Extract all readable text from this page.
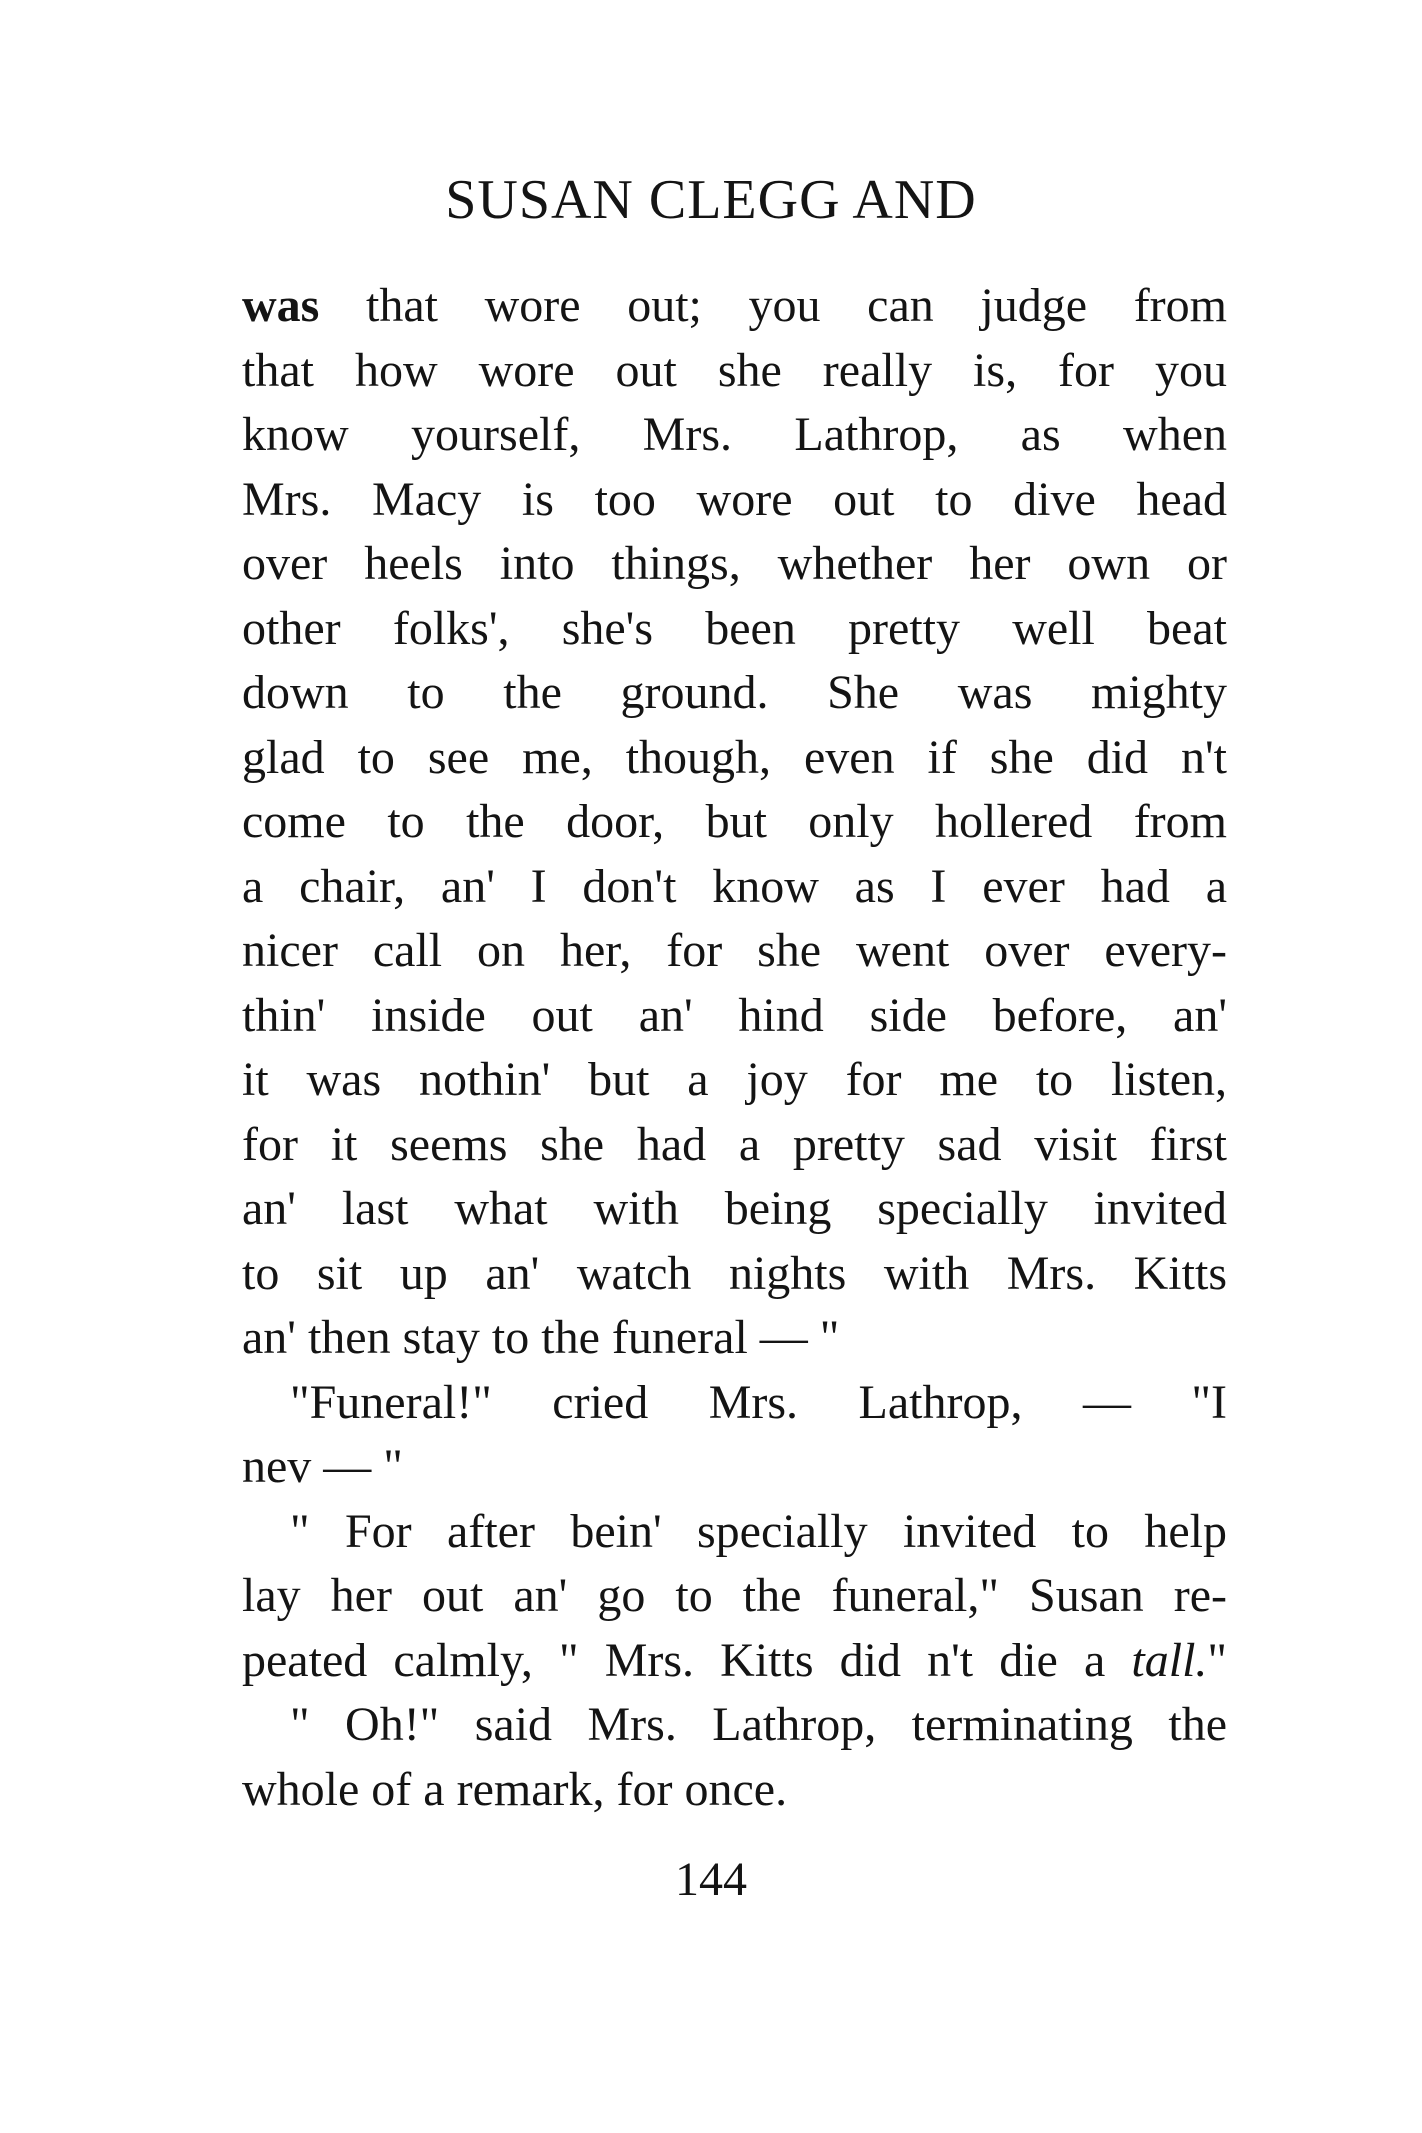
SUSAN CLEGG AND
was that wore out; you can judge from
that how wore out she really is, for you
know yourself, Mrs. Lathrop, as when
Mrs. Macy is too wore out to dive head
over heels into things, whether her own or
other folks', she's been pretty well beat
down to the ground. She was mighty
glad to see me, though, even if she did n't
come to the door, but only hollered from
a chair, an' I don't know as I ever had a
nicer call on her, for she went over every-
thin' inside out an' hind side before, an'
it was nothin' but a joy for me to listen,
for it seems she had a pretty sad visit first
an' last what with being specially invited
to sit up an' watch nights with Mrs. Kitts
an' then stay to the funeral — "
"Funeral!" cried Mrs. Lathrop, — "I
nev — "
" For after bein' specially invited to help
lay her out an' go to the funeral," Susan re-
peated calmly, " Mrs. Kitts did n't die a tall."
" Oh!" said Mrs. Lathrop, terminating the
whole of a remark, for once.
144
